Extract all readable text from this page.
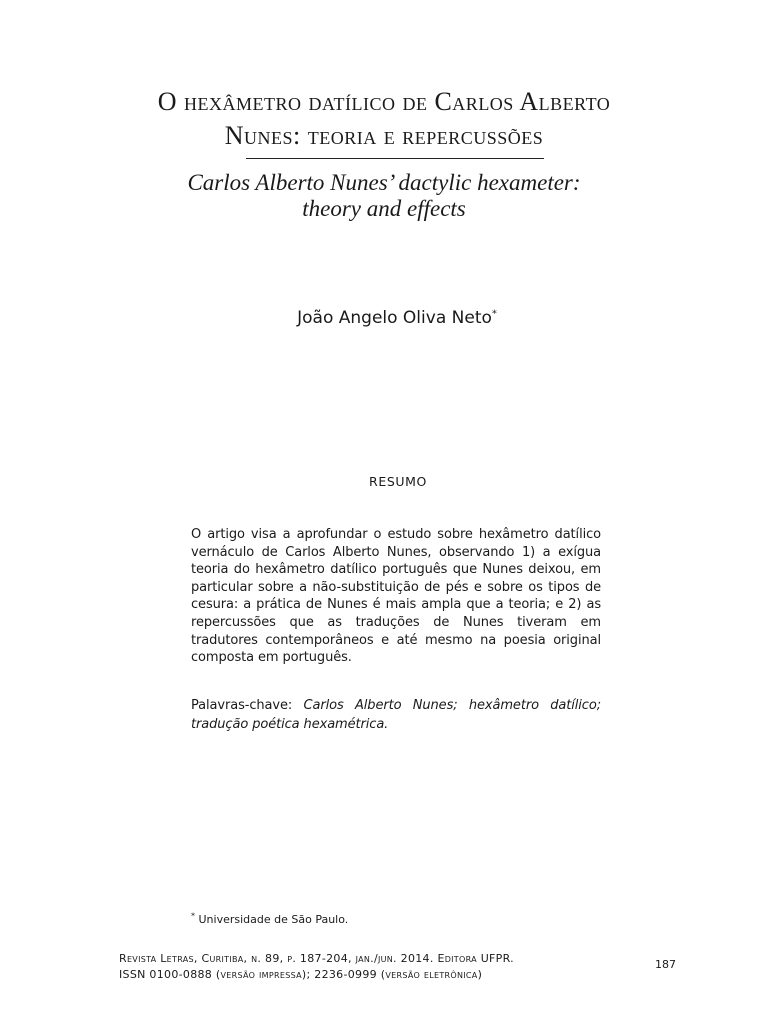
O hexâmetro datílico de Carlos Alberto
Nunes: teoria e repercussões
Carlos Alberto Nunes’ dactylic hexameter:
theory and effects
João Angelo Oliva Neto*
RESUMO

O artigo visa a aprofundar o estudo sobre hexâmetro datílico vernáculo de Carlos Alberto Nunes, observando 1) a exígua teoria do hexâmetro datílico português que Nunes deixou, em particular sobre a não-substituição de pés e sobre os tipos de cesura: a prática de Nunes é mais ampla que a teoria; e 2) as repercussões que as traduções de Nunes tiveram em tradutores contemporâneos e até mesmo na poesia original composta em português.

Palavras-chave: Carlos Alberto Nunes; hexâmetro datílico; tradução poética hexamétrica.

* Universidade de São Paulo.
Revista Letras, Curitiba, n. 89, p. 187-204, jan./jun. 2014. Editora UFPR.
ISSN 0100-0888 (versão impressa); 2236-0999 (versão eletrônica)
187
